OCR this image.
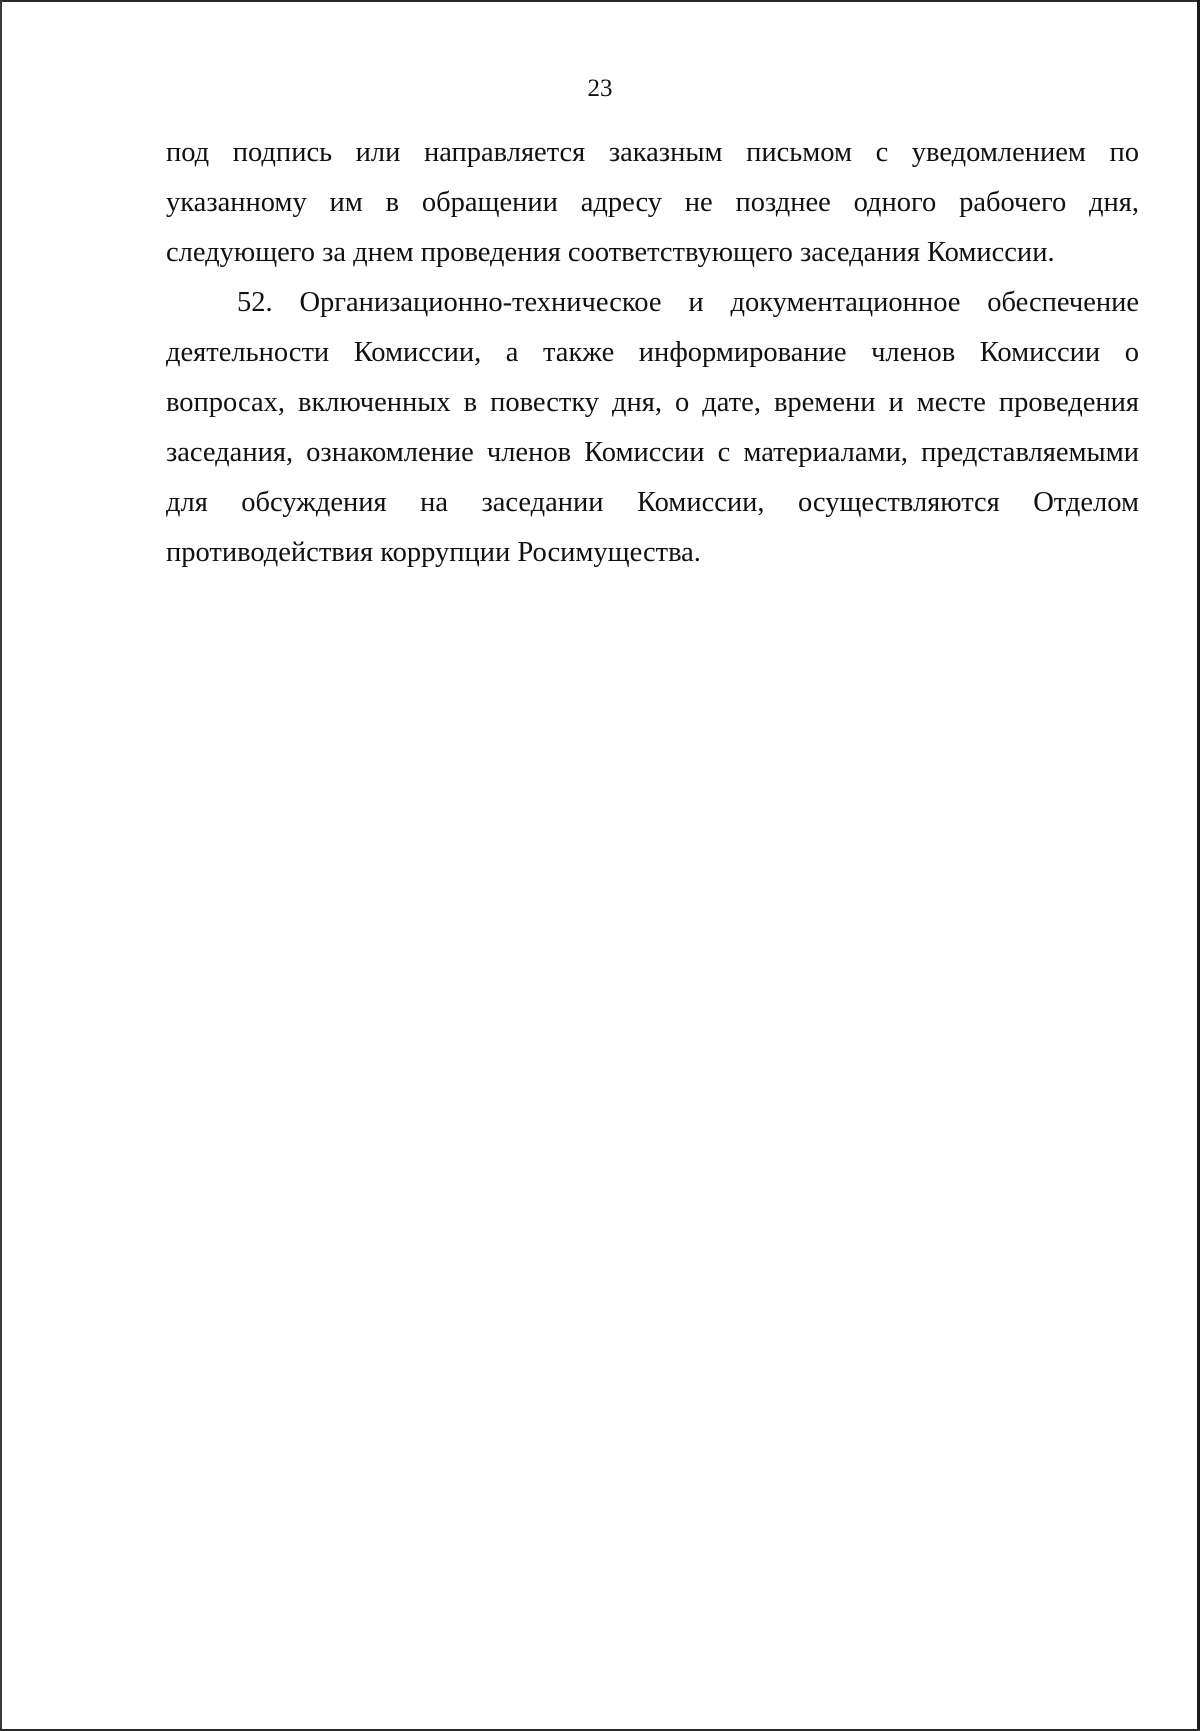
23

под подпись или направляется заказным письмом с уведомлением по указанному им в обращении адресу не позднее одного рабочего дня, следующего за днем проведения соответствующего заседания Комиссии.

52. Организационно-техническое и документационное обеспечение деятельности Комиссии, а также информирование членов Комиссии о вопросах, включенных в повестку дня, о дате, времени и месте проведения заседания, ознакомление членов Комиссии с материалами, представляемыми для обсуждения на заседании Комиссии, осуществляются Отделом противодействия коррупции Росимущества.
